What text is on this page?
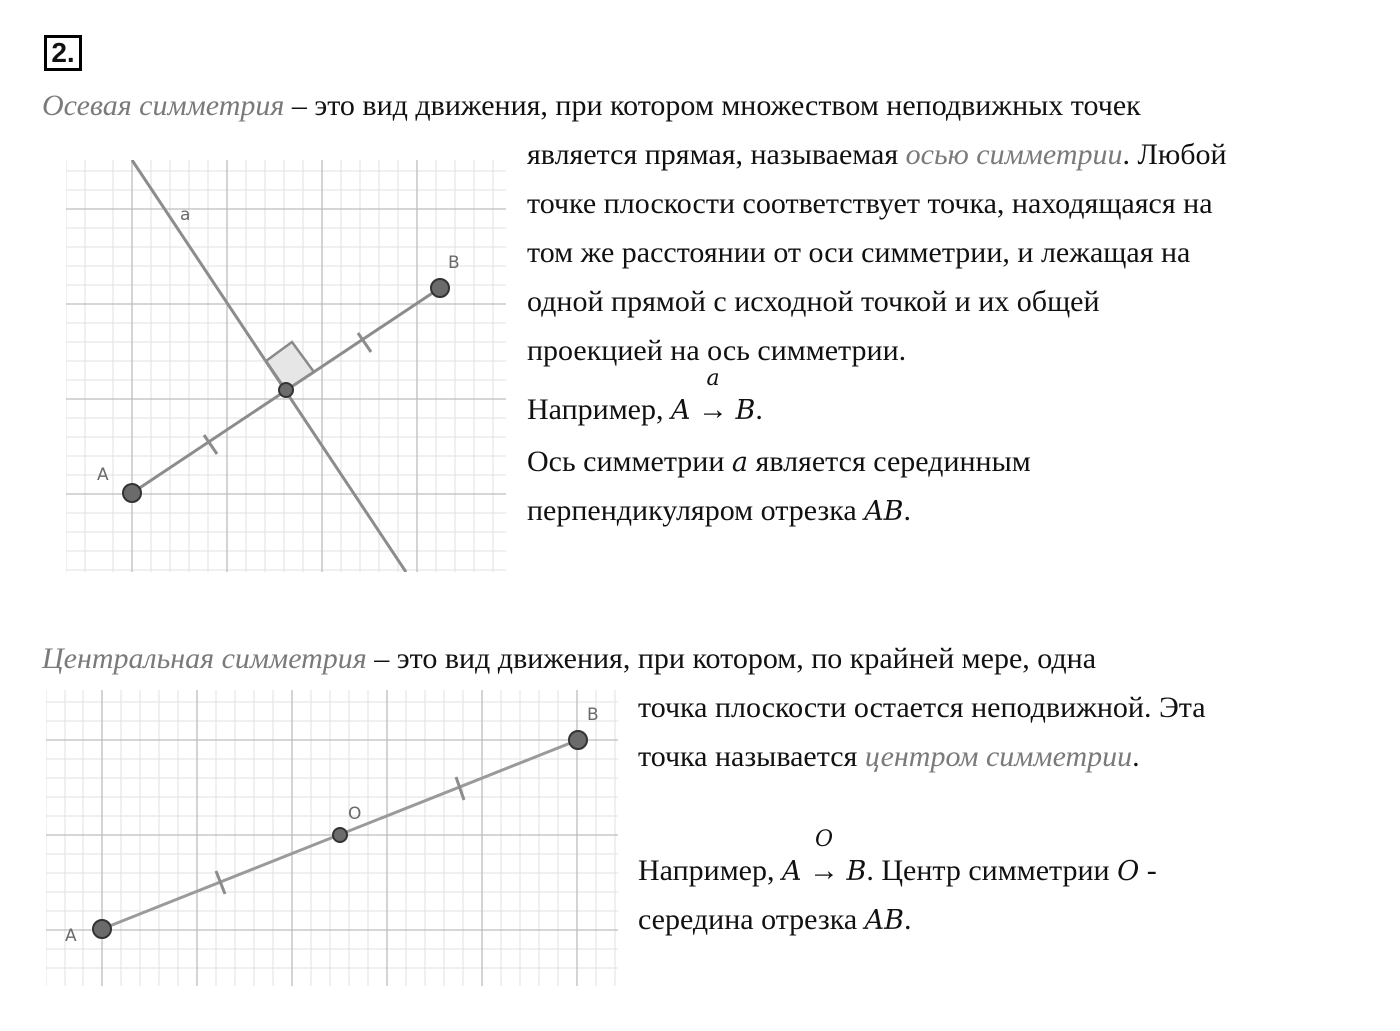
2.
Осевая симметрия – это вид движения, при котором множеством неподвижных точек
является прямая, называемая осью симметрии. Любой
точке плоскости соответствует точка, находящаяся на
том же расстоянии от оси симметрии, и лежащая на
одной прямой с исходной точкой и их общей
проекцией на ось симметрии.
Например, A
a
→ B.
Ось симметрии a является серединным
перпендикуляром отрезка AB.
a
A
B
Центральная симметрия – это вид движения, при котором, по крайней мере, одна
точка плоскости остается неподвижной. Эта
точка называется центром симметрии.
Например, A
O
→ B. Центр симметрии O -
середина отрезка AB.
A
B
O
